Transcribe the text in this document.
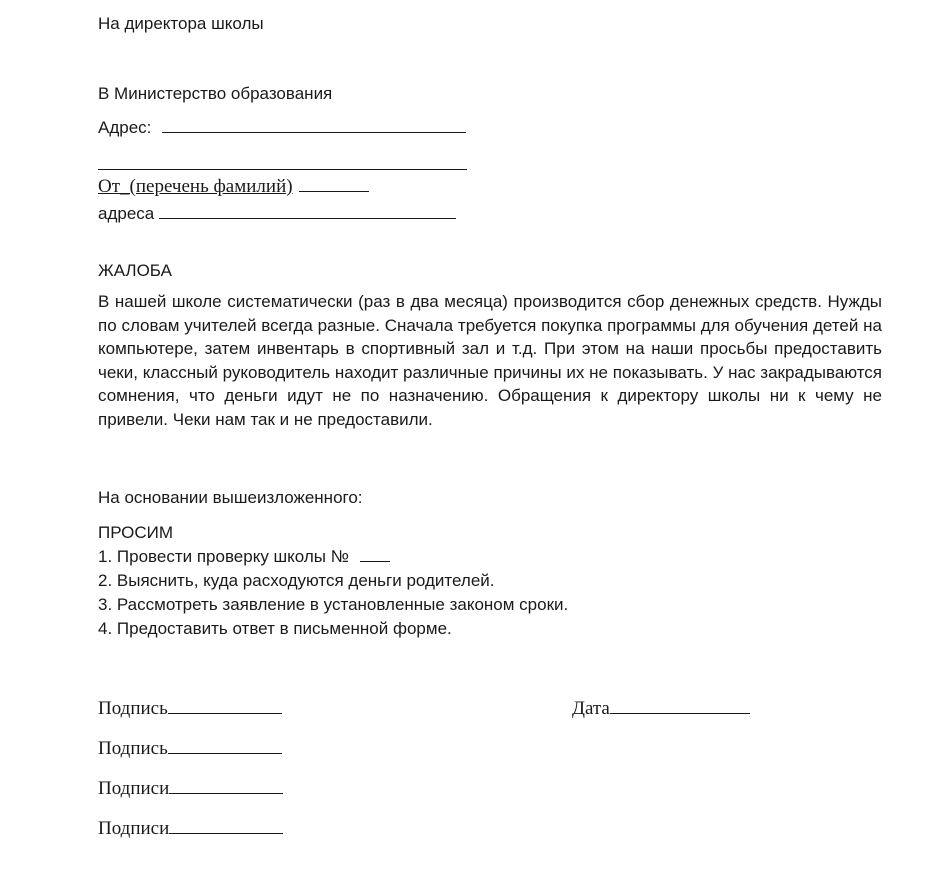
На директора школы
В Министерство образования
Адрес:
От_(перечень фамилий)
адреса
ЖАЛОБА
В нашей школе систематически (раз в два месяца) производится сбор денежных средств. Нужды по словам учителей всегда разные. Сначала требуется покупка программы для обучения детей на компьютере, затем инвентарь в спортивный зал и т.д. При этом на наши просьбы предоставить чеки, классный руководитель находит различные причины их не показывать. У нас закрадываются сомнения, что деньги идут не по назначению. Обращения к директору школы ни к чему не привели. Чеки нам так и не предоставили.
На основании вышеизложенного:
ПРОСИМ
1. Провести проверку школы №
2. Выяснить, куда расходуются деньги родителей.
3. Рассмотреть заявление в установленные законом сроки.
4. Предоставить ответ в письменной форме.
Подпись	Дата
Подпись
Подписи
Подписи
